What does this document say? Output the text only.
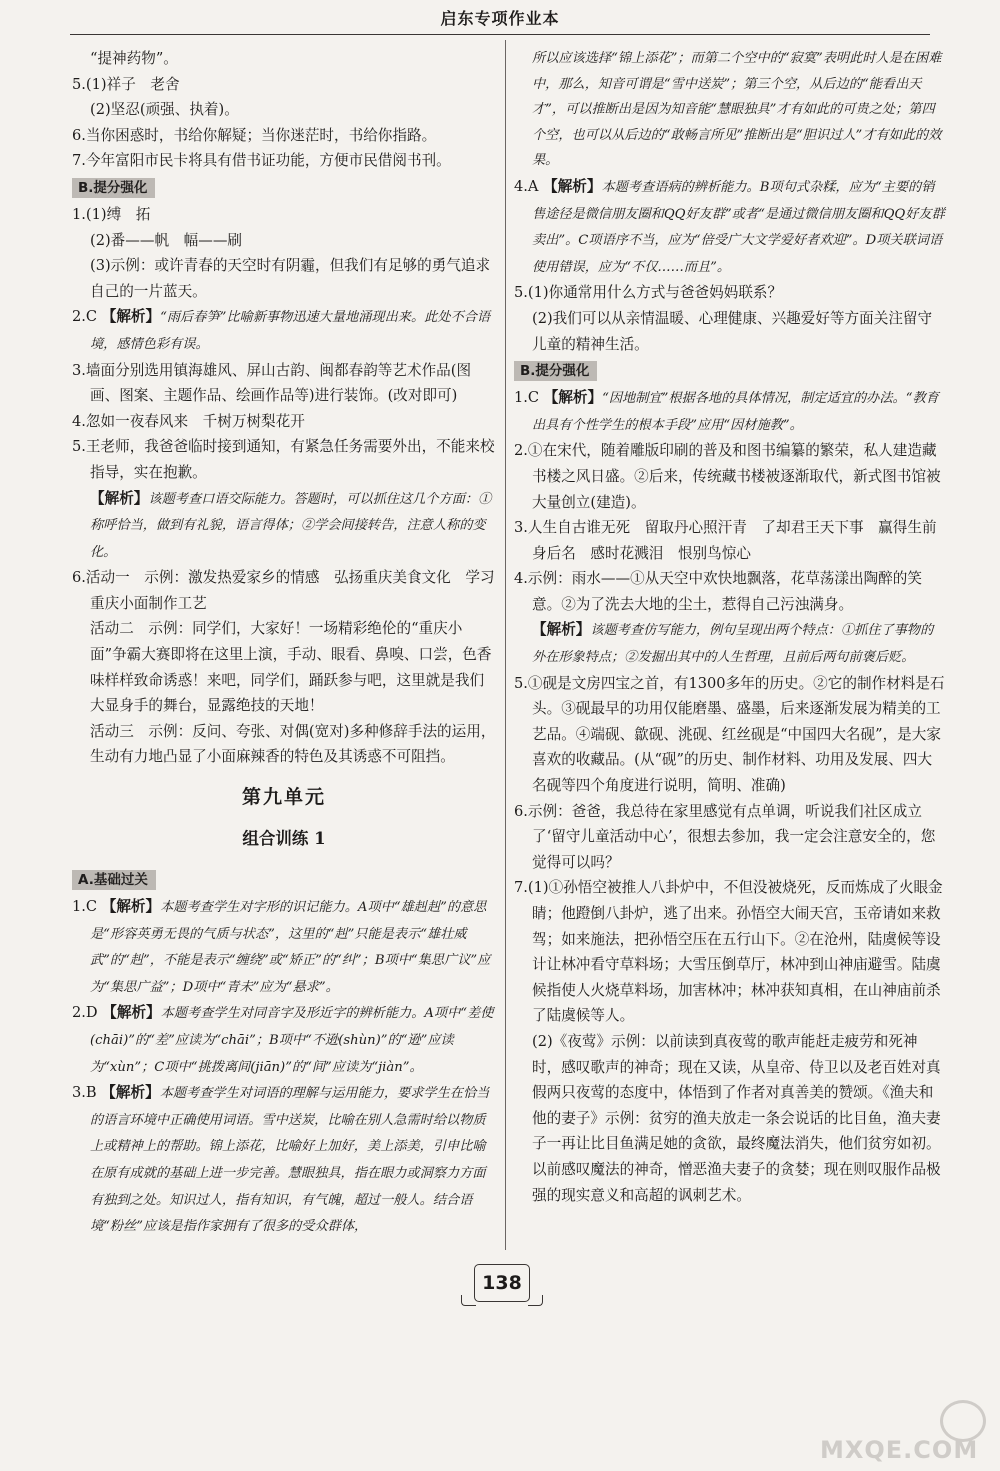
启东专项作业本

“提神药物”。

5.(1)祥子　老舍

(2)坚忍(顽强、执着)。

6.当你困惑时，书给你解疑；当你迷茫时，书给你指路。

7.今年富阳市民卡将具有借书证功能，方便市民借阅书刊。

B.提分强化

1.(1)缚　拓

(2)番——帆　幅——刷

(3)示例：或许青春的天空时有阴霾，但我们有足够的勇气追求自己的一片蓝天。

2.C 【解析】“雨后春笋”比喻新事物迅速大量地涌现出来。此处不合语境，感情色彩有误。

3.墙面分别选用镇海雄风、屏山古韵、闽都春韵等艺术作品(图画、图案、主题作品、绘画作品等)进行装饰。(改对即可)

4.忽如一夜春风来　千树万树梨花开

5.王老师，我爸爸临时接到通知，有紧急任务需要外出，不能来校指导，实在抱歉。

【解析】该题考查口语交际能力。答题时，可以抓住这几个方面：①称呼恰当，做到有礼貌，语言得体；②学会间接转告，注意人称的变化。

6.活动一　示例：激发热爱家乡的情感　弘扬重庆美食文化　学习重庆小面制作工艺

活动二　示例：同学们，大家好！一场精彩绝伦的“重庆小面”争霸大赛即将在这里上演，手动、眼看、鼻嗅、口尝，色香味样样致命诱惑！来吧，同学们，踊跃参与吧，这里就是我们大显身手的舞台，显露绝技的天地！

活动三　示例：反问、夸张、对偶(宽对)多种修辞手法的运用，生动有力地凸显了小面麻辣香的特色及其诱惑不可阻挡。

第九单元
组合训练 1
A.基础过关

1.C 【解析】本题考查学生对字形的识记能力。A项中“雄赳赳”的意思是“形容英勇无畏的气质与状态”，这里的“赳”只能是表示“雄壮威武”的“赳”，不能是表示“缠绕”或“矫正”的“纠”；B项中“集思广议”应为“集思广益”；D项中“青未”应为“悬求”。

2.D 【解析】本题考查学生对同音字及形近字的辨析能力。A项中“差使(chāi)”的“差”应读为“chāi”；B项中“不逊(shùn)”的“逊”应读为“xùn”；C项中“挑拨离间(jiān)”的“间”应读为“jiàn”。

3.B 【解析】本题考查学生对词语的理解与运用能力，要求学生在恰当的语言环境中正确使用词语。雪中送炭，比喻在别人急需时给以物质上或精神上的帮助。锦上添花，比喻好上加好，美上添美，引申比喻在原有成就的基础上进一步完善。慧眼独具，指在眼力或洞察力方面有独到之处。知识过人，指有知识，有气魄，超过一般人。结合语境“粉丝”应该是指作家拥有了很多的受众群体，

所以应该选择“锦上添花”；而第二个空中的“寂寞”表明此时人是在困难中，那么，知音可谓是“雪中送炭”；第三个空，从后边的“能看出天才”，可以推断出是因为知音能“慧眼独具”才有如此的可贵之处；第四个空，也可以从后边的“敢畅言所见”推断出是“胆识过人”才有如此的效果。

4.A 【解析】本题考查语病的辨析能力。B项句式杂糅，应为“主要的销售途径是微信朋友圈和QQ好友群”或者“是通过微信朋友圈和QQ好友群卖出”。C项语序不当，应为“倍受广大文学爱好者欢迎”。D项关联词语使用错误，应为“不仅……而且”。

5.(1)你通常用什么方式与爸爸妈妈联系？

(2)我们可以从亲情温暖、心理健康、兴趣爱好等方面关注留守儿童的精神生活。

B.提分强化

1.C 【解析】“因地制宜”根据各地的具体情况，制定适宜的办法。“教育出具有个性学生的根本手段”应用“因材施教”。

2.①在宋代，随着雕版印刷的普及和图书编纂的繁荣，私人建造藏书楼之风日盛。②后来，传统藏书楼被逐渐取代，新式图书馆被大量创立(建造)。

3.人生自古谁无死　留取丹心照汗青　了却君王天下事　赢得生前身后名　感时花溅泪　恨别鸟惊心

4.示例：雨水——①从天空中欢快地飘落，花草荡漾出陶醉的笑意。②为了洗去大地的尘土，惹得自己污浊满身。

【解析】该题考查仿写能力，例句呈现出两个特点：①抓住了事物的外在形象特点；②发掘出其中的人生哲理，且前后两句前褒后贬。

5.①砚是文房四宝之首，有1300多年的历史。②它的制作材料是石头。③砚最早的功用仅能磨墨、盛墨，后来逐渐发展为精美的工艺品。④端砚、歙砚、洮砚、红丝砚是“中国四大名砚”，是大家喜欢的收藏品。(从“砚”的历史、制作材料、功用及发展、四大名砚等四个角度进行说明，简明、准确)

6.示例：爸爸，我总待在家里感觉有点单调，听说我们社区成立了‘留守儿童活动中心’，很想去参加，我一定会注意安全的，您觉得可以吗？

7.(1)①孙悟空被推人八卦炉中，不但没被烧死，反而炼成了火眼金睛；他蹬倒八卦炉，逃了出来。孙悟空大闹天宫，玉帝请如来救驾；如来施法，把孙悟空压在五行山下。②在沧州，陆虞候等设计让林冲看守草料场；大雪压倒草厅，林冲到山神庙避雪。陆虞候指使人火烧草料场，加害林冲；林冲获知真相，在山神庙前杀了陆虞候等人。

(2)《夜莺》示例：以前读到真夜莺的歌声能赶走疲劳和死神时，感叹歌声的神奇；现在又读，从皇帝、侍卫以及老百姓对真假两只夜莺的态度中，体悟到了作者对真善美的赞颂。《渔夫和他的妻子》示例：贫穷的渔夫放走一条会说话的比目鱼，渔夫妻子一再让比目鱼满足她的贪欲，最终魔法消失，他们贫穷如初。以前感叹魔法的神奇，憎恶渔夫妻子的贪婪；现在则叹服作品极强的现实意义和高超的讽刺艺术。

138
MXQE.COM
